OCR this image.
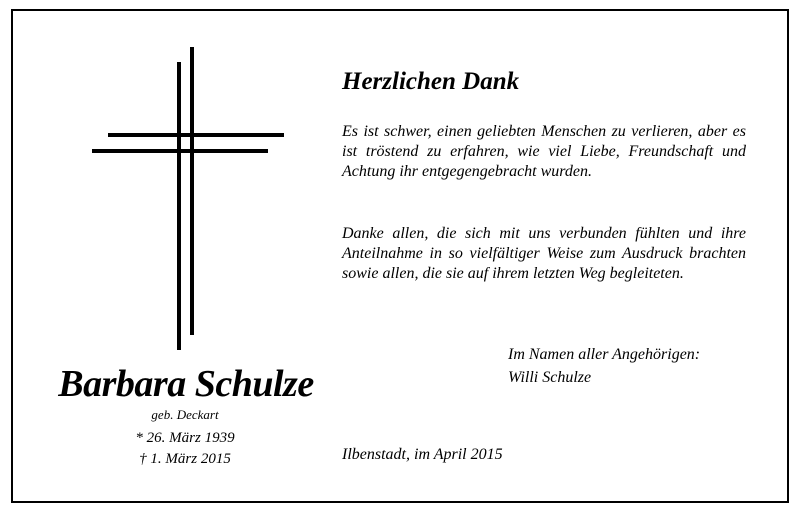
Barbara Schulze
geb. Deckart
* 26. März 1939
† 1. März 2015
Herzlichen Dank

Es ist schwer, einen geliebten Menschen zu verlieren, aber es ist tröstend zu erfahren, wie viel Liebe, Freundschaft und Achtung ihr entgegengebracht wurden.

Danke allen, die sich mit uns verbunden fühlten und ihre Anteilnahme in so vielfältiger Weise zum Ausdruck brachten sowie allen, die sie auf ihrem letzten Weg begleiteten.

Im Namen aller Angehörigen:
Willi Schulze
Ilbenstadt, im April 2015
